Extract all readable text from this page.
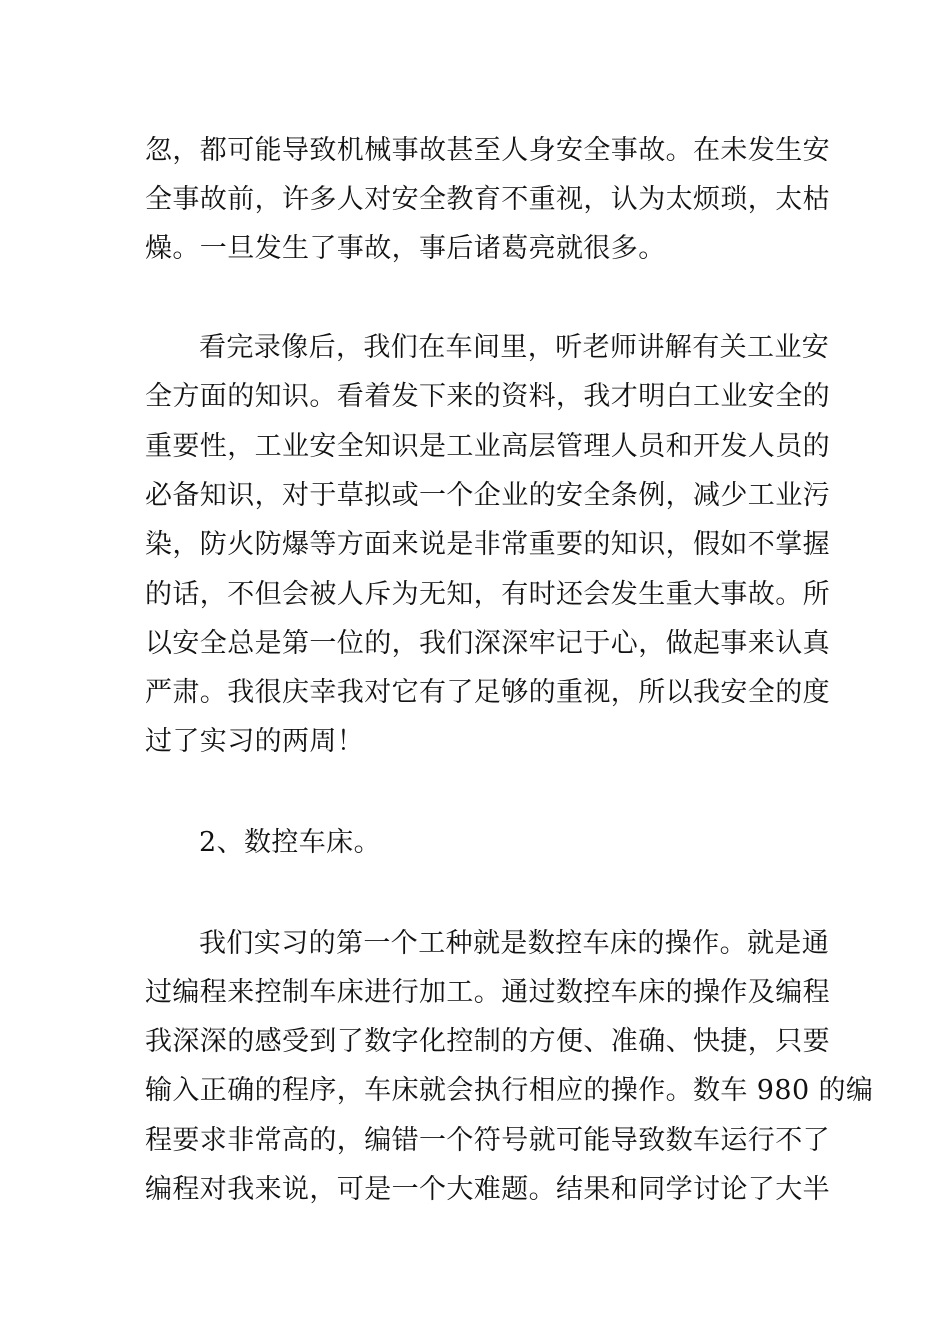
忽，都可能导致机械事故甚至人身安全事故。在未发生安
全事故前，许多人对安全教育不重视，认为太烦琐，太枯
燥。一旦发生了事故，事后诸葛亮就很多。
看完录像后，我们在车间里，听老师讲解有关工业安
全方面的知识。看着发下来的资料，我才明白工业安全的
重要性，工业安全知识是工业高层管理人员和开发人员的
必备知识，对于草拟或一个企业的安全条例，减少工业污
染，防火防爆等方面来说是非常重要的知识，假如不掌握
的话，不但会被人斥为无知，有时还会发生重大事故。所
以安全总是第一位的，我们深深牢记于心，做起事来认真
严肃。我很庆幸我对它有了足够的重视，所以我安全的度
过了实习的两周！
2、数控车床。
我们实习的第一个工种就是数控车床的操作。就是通
过编程来控制车床进行加工。通过数控车床的操作及编程
我深深的感受到了数字化控制的方便、准确、快捷，只要
输入正确的程序，车床就会执行相应的操作。数车 980 的编
程要求非常高的，编错一个符号就可能导致数车运行不了
编程对我来说，可是一个大难题。结果和同学讨论了大半
